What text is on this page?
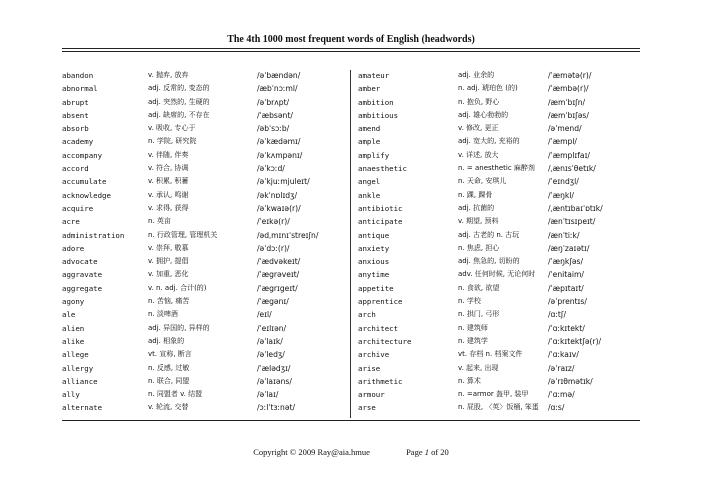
The 4th 1000 most frequent words of English (headwords)
abandon	v. 抛弃, 放弃	/əˈbændən/
abnormal	adj. 反常的, 变态的	/æbˈnɔːml/
abrupt	adj. 突然的, 生硬的	/əˈbrʌpt/
absent	adj. 缺席的, 不存在	/ˈæbsənt/
absorb	v. 吸收, 专心于	/əbˈsɔːb/
academy	n. 学院, 研究院	/əˈkædəmɪ/
accompany	v. 伴随, 伴奏	/əˈkʌmpənɪ/
accord	v. 符合, 协调	/əˈkɔːd/
accumulate	v. 积累, 积蓄	/əˈkjuːmjuleɪt/
acknowledge	v. 承认, 鸣谢	/əkˈnɒlɪdʒ/
acquire	v. 求得, 获得	/əˈkwaɪə(r)/
acre	n. 英亩	/ˈeɪkə(r)/
administration	n. 行政管理, 管理机关	/ədˌmɪnɪˈstreɪʃn/
adore	v. 崇拜, 敬慕	/əˈdɔː(r)/
advocate	v. 拥护, 提倡	/ˈædvəkeɪt/
aggravate	v. 加重, 恶化	/ˈægrəveɪt/
aggregate	v. n. adj. 合计(的)	/ˈægrɪgeɪt/
agony	n. 苦恼, 痛苦	/ˈægənɪ/
ale	n. 淡啤酒	/eɪl/
alien	adj. 异国的, 异样的	/ˈeɪlɪən/
alike	adj. 相象的	/əˈlaɪk/
allege	vt. 宣称, 断言	/əˈledʒ/
allergy	n. 反感, 过敏	/ˈælədʒɪ/
alliance	n. 联合, 同盟	/əˈlaɪəns/
ally	n. 同盟者 v. 结盟	/əˈlaɪ/
alternate	v. 轮流, 交替	/ɔːlˈtɜːnət/
amateur	adj. 业余的	/ˈæmətə(r)/
amber	n. adj. 琥珀色 (的)	/ˈæmbə(r)/
ambition	n. 抱负, 野心	/æmˈbɪʃn/
ambitious	adj. 雄心勃勃的	/æmˈbɪʃəs/
amend	v. 修改, 更正	/əˈmend/
ample	adj. 宽大的, 充裕的	/ˈæmpl/
amplify	v. 详述, 放大	/ˈæmplɪfaɪ/
anaesthetic	n. = anesthetic 麻醉剂	/ˌænɪsˈθetɪk/
angel	n. 天命, 安琪儿	/ˈeɪndʒl/
ankle	n. 踝, 踝骨	/ˈæŋkl/
antibiotic	adj. 抗菌的	/ˌæntɪbaɪˈɒtɪk/
anticipate	v. 期望, 预料	/ænˈtɪsɪpeɪt/
antique	adj. 古老的 n. 古玩	/ænˈtiːk/
anxiety	n. 焦虑, 担心	/æŋˈzaɪətɪ/
anxious	adj. 焦急的, 切盼的	/ˈæŋkʃəs/
anytime	adv. 任何时候, 无论何时	/ˈenitaim/
appetite	n. 食欲, 欲望	/ˈæpɪtaɪt/
apprentice	n. 学校	/əˈprentɪs/
arch	n. 拱门, 弓形	/ɑːtʃ/
architect	n. 建筑师	/ˈɑːkɪtekt/
architecture	n. 建筑学	/ˈɑːkɪtektʃə(r)/
archive	vt. 存档 n. 档案文件	/ˈɑːkaɪv/
arise	v. 起来, 出现	/əˈraɪz/
arithmetic	n. 算术	/əˈrɪθmətɪk/
armour	n. =armor 盔甲, 装甲	/ˈɑːmə/
arse	n. 屁股, 〈英〉饭桶, 笨蛋	/ɑːs/
Copyright © 2009 Ray@aia.hmue	Page 1 of 20
